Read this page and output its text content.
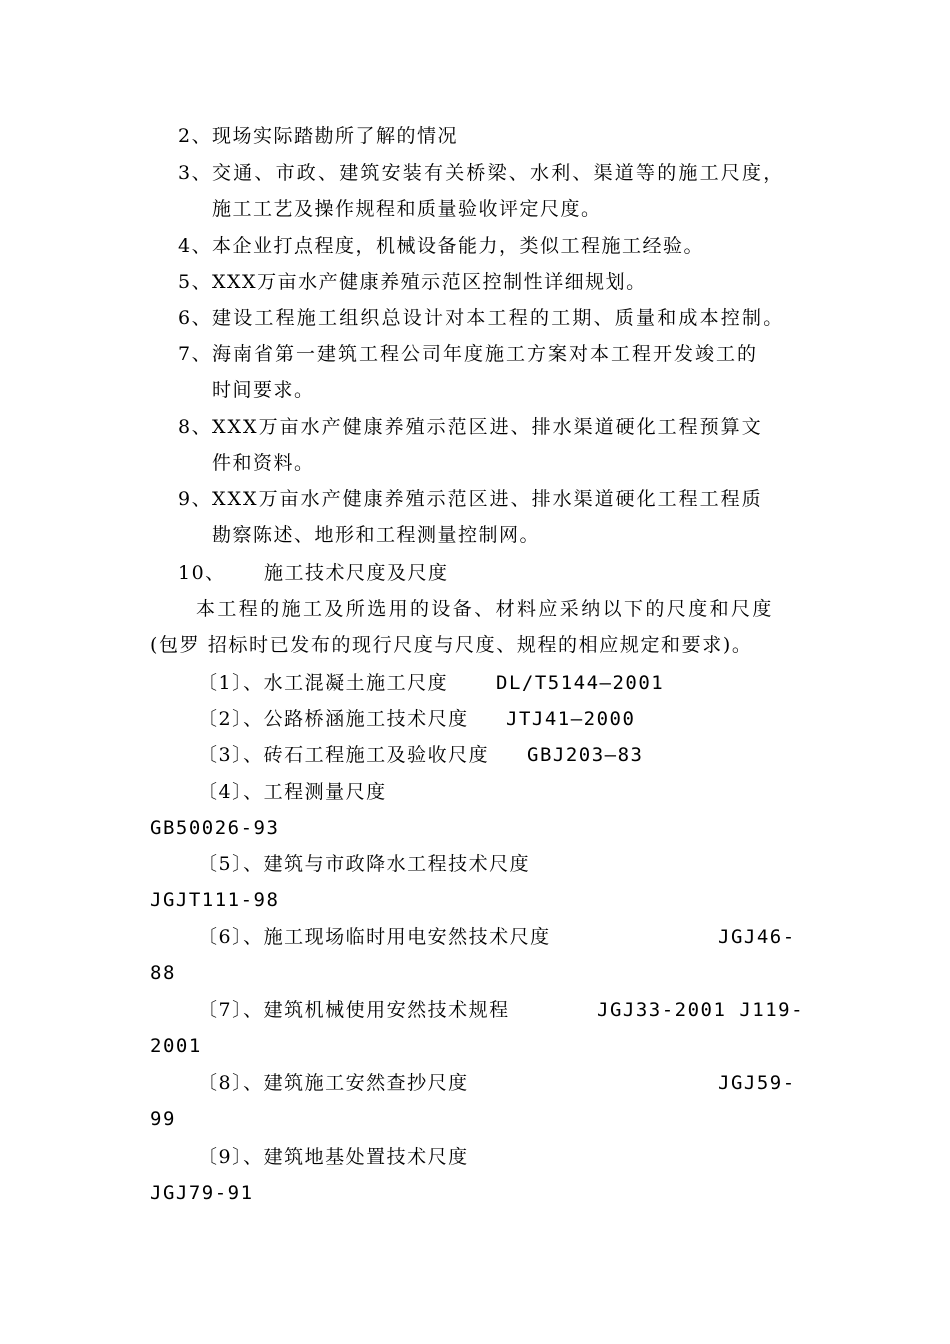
2、 现场实际踏勘所了解的情况
3、 交通、市政、建筑安装有关桥梁、水利、渠道等的施工尺度，
施工工艺及操作规程和质量验收评定尺度。
4、 本企业打点程度，机械设备能力，类似工程施工经验。
5、 XXX万亩水产健康养殖示范区控制性详细规划。
6、 建设工程施工组织总设计对本工程的工期、质量和成本控制。
7、 海南省第一建筑工程公司年度施工方案对本工程开发竣工的
时间要求。
8、 XXX万亩水产健康养殖示范区进、排水渠道硬化工程预算文
件和资料。
9、 XXX万亩水产健康养殖示范区进、排水渠道硬化工程工程质
勘察陈述、地形和工程测量控制网。
10、 施工技术尺度及尺度
本工程的施工及所选用的设备、材料应采纳以下的尺度和尺度
(包罗 招标时已发布的现行尺度与尺度、规程的相应规定和要求)。
〔1〕、水工混凝土施工尺度	DL/T5144—2001
〔2〕、公路桥涵施工技术尺度 JTJ41—2000
〔3〕、砖石工程施工及验收尺度 GBJ203—83
〔4〕、工程测量尺度
GB50026-93
〔5〕、建筑与市政降水工程技术尺度
JGJT111-98
〔6〕、施工现场临时用电安然技术尺度	JGJ46-
88
〔7〕、建筑机械使用安然技术规程	JGJ33-2001 J119-
2001
〔8〕、建筑施工安然查抄尺度	JGJ59-
99
〔9〕、建筑地基处置技术尺度
JGJ79-91
